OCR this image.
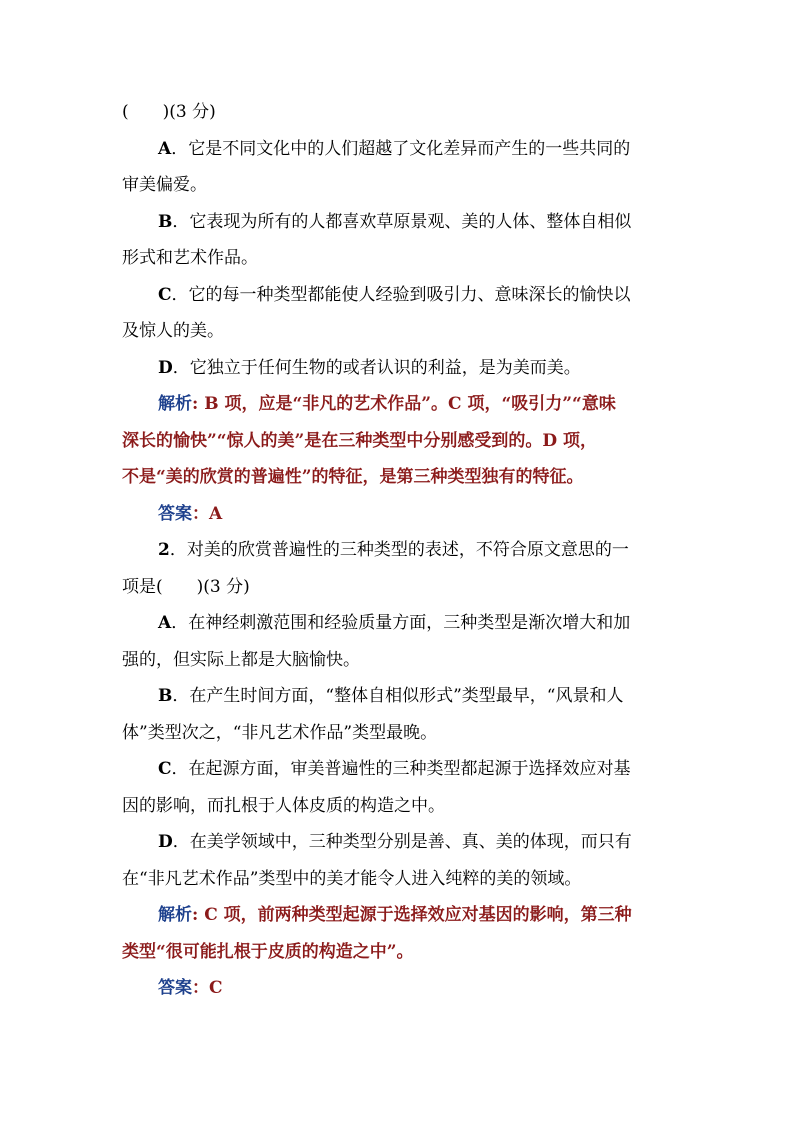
(　　)(3 分)

A．它是不同文化中的人们超越了文化差异而产生的一些共同的

审美偏爱。

B．它表现为所有的人都喜欢草原景观、美的人体、整体自相似

形式和艺术作品。

C．它的每一种类型都能使人经验到吸引力、意味深长的愉快以

及惊人的美。

D．它独立于任何生物的或者认识的利益，是为美而美。

解析: B 项，应是“非凡的艺术作品”。C 项，“吸引力”“意味

深长的愉快”“惊人的美”是在三种类型中分别感受到的。D 项，

不是“美的欣赏的普遍性”的特征，是第三种类型独有的特征。

答案：A

2．对美的欣赏普遍性的三种类型的表述，不符合原文意思的一

项是(　　)(3 分)

A．在神经刺激范围和经验质量方面，三种类型是渐次增大和加

强的，但实际上都是大脑愉快。

B．在产生时间方面，“整体自相似形式”类型最早，“风景和人

体”类型次之，“非凡艺术作品”类型最晚。

C．在起源方面，审美普遍性的三种类型都起源于选择效应对基

因的影响，而扎根于人体皮质的构造之中。

D．在美学领域中，三种类型分别是善、真、美的体现，而只有

在“非凡艺术作品”类型中的美才能令人进入纯粹的美的领域。

解析: C 项，前两种类型起源于选择效应对基因的影响，第三种

类型“很可能扎根于皮质的构造之中”。

答案：C
